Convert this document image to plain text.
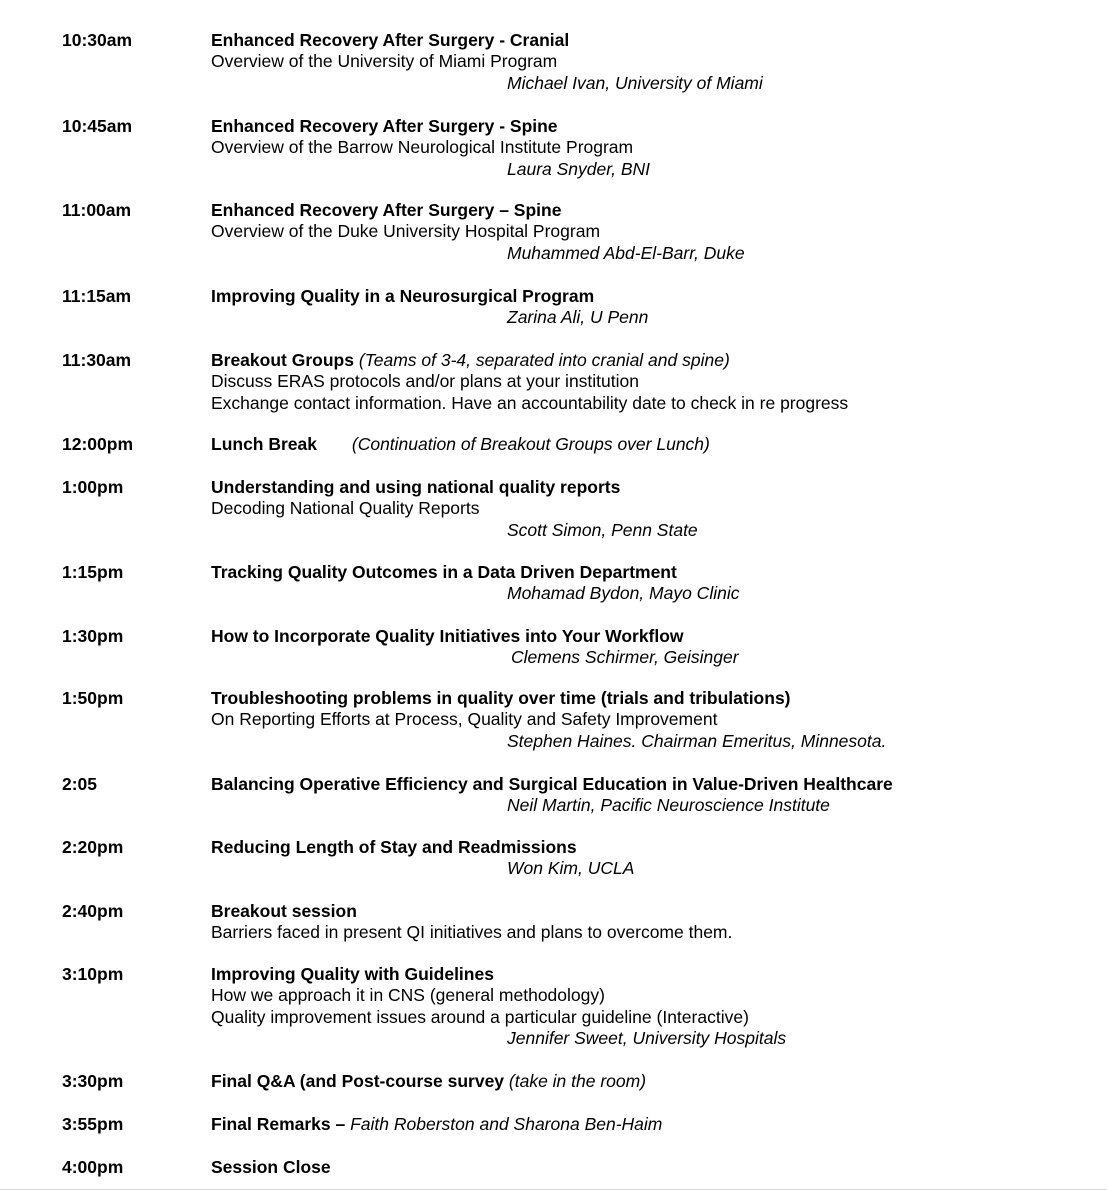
10:30am	Enhanced Recovery After Surgery - Cranial
Overview of the University of Miami Program
Michael Ivan, University of Miami
10:45am	Enhanced Recovery After Surgery - Spine
Overview of the Barrow Neurological Institute Program
Laura Snyder, BNI
11:00am	Enhanced Recovery After Surgery – Spine
Overview of the Duke University Hospital Program
Muhammed Abd-El-Barr, Duke
11:15am	Improving Quality in a Neurosurgical Program
Zarina Ali, U Penn
11:30am	Breakout Groups (Teams of 3-4, separated into cranial and spine)
Discuss ERAS protocols and/or plans at your institution
Exchange contact information. Have an accountability date to check in re progress
12:00pm	Lunch Break (Continuation of Breakout Groups over Lunch)
1:00pm	Understanding and using national quality reports
Decoding National Quality Reports
Scott Simon, Penn State
1:15pm	Tracking Quality Outcomes in a Data Driven Department
Mohamad Bydon, Mayo Clinic
1:30pm	How to Incorporate Quality Initiatives into Your Workflow
Clemens Schirmer, Geisinger
1:50pm	Troubleshooting problems in quality over time (trials and tribulations)
On Reporting Efforts at Process, Quality and Safety Improvement
Stephen Haines. Chairman Emeritus, Minnesota.
2:05	Balancing Operative Efficiency and Surgical Education in Value-Driven Healthcare
Neil Martin, Pacific Neuroscience Institute
2:20pm	Reducing Length of Stay and Readmissions
Won Kim, UCLA
2:40pm	Breakout session
Barriers faced in present QI initiatives and plans to overcome them.
3:10pm	Improving Quality with Guidelines
How we approach it in CNS (general methodology)
Quality improvement issues around a particular guideline (Interactive)
Jennifer Sweet, University Hospitals
3:30pm	Final Q&A (and Post-course survey (take in the room)
3:55pm	Final Remarks – Faith Roberston and Sharona Ben-Haim
4:00pm	Session Close
